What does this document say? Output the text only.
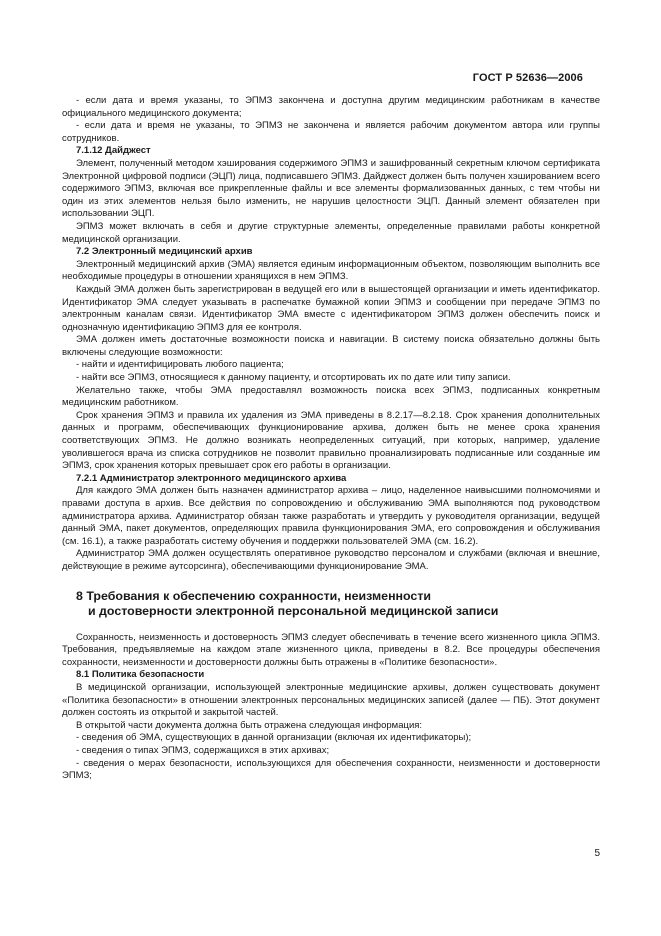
ГОСТ Р 52636—2006

- если дата и время указаны, то ЭПМЗ закончена и доступна другим медицинским работникам в качестве официального медицинского документа;

- если дата и время не указаны, то ЭПМЗ не закончена и является рабочим документом автора или группы сотрудников.

7.1.12 Дайджест

Элемент, полученный методом хэширования содержимого ЭПМЗ и зашифрованный секретным ключом сертификата Электронной цифровой подписи (ЭЦП) лица, подписавшего ЭПМЗ. Дайджест должен быть получен хэшированием всего содержимого ЭПМЗ, включая все прикрепленные файлы и все элементы формализованных данных, с тем чтобы ни один из этих элементов нельзя было изменить, не нарушив целостности ЭЦП. Данный элемент обязателен при использовании ЭЦП.

ЭПМЗ может включать в себя и другие структурные элементы, определенные правилами работы конкретной медицинской организации.

7.2 Электронный медицинский архив

Электронный медицинский архив (ЭМА) является единым информационным объектом, позволяющим выполнить все необходимые процедуры в отношении хранящихся в нем ЭПМЗ.

Каждый ЭМА должен быть зарегистрирован в ведущей его или в вышестоящей организации и иметь идентификатор. Идентификатор ЭМА следует указывать в распечатке бумажной копии ЭПМЗ и сообщении при передаче ЭПМЗ по электронным каналам связи. Идентификатор ЭМА вместе с идентификатором ЭПМЗ должен обеспечить поиск и однозначную идентификацию ЭПМЗ для ее контроля.

ЭМА должен иметь достаточные возможности поиска и навигации. В систему поиска обязательно должны быть включены следующие возможности:

- найти и идентифицировать любого пациента;

- найти все ЭПМЗ, относящиеся к данному пациенту, и отсортировать их по дате или типу записи.

Желательно также, чтобы ЭМА предоставлял возможность поиска всех ЭПМЗ, подписанных конкретным медицинским работником.

Срок хранения ЭПМЗ и правила их удаления из ЭМА приведены в 8.2.17—8.2.18. Срок хранения дополнительных данных и программ, обеспечивающих функционирование архива, должен быть не менее срока хранения соответствующих ЭПМЗ. Не должно возникать неопределенных ситуаций, при которых, например, удаление уволившегося врача из списка сотрудников не позволит правильно проанализировать подписанные или созданные им ЭПМЗ, срок хранения которых превышает срок его работы в организации.

7.2.1 Администратор электронного медицинского архива

Для каждого ЭМА должен быть назначен администратор архива – лицо, наделенное наивысшими полномочиями и правами доступа в архив. Все действия по сопровождению и обслуживанию ЭМА выполняются под руководством администратора архива. Администратор обязан также разработать и утвердить у руководителя организации, ведущей данный ЭМА, пакет документов, определяющих правила функционирования ЭМА, его сопровождения и обслуживания (см. 16.1), а также разработать систему обучения и поддержки пользователей ЭМА (см. 16.2).

Администратор ЭМА должен осуществлять оперативное руководство персоналом и службами (включая и внешние, действующие в режиме аутсорсинга), обеспечивающими функционирование ЭМА.

8 Требования к обеспечению сохранности, неизменности
и достоверности электронной персональной медицинской записи

Сохранность, неизменность и достоверность ЭПМЗ следует обеспечивать в течение всего жизненного цикла ЭПМЗ. Требования, предъявляемые на каждом этапе жизненного цикла, приведены в 8.2. Все процедуры обеспечения сохранности, неизменности и достоверности должны быть отражены в «Политике безопасности».

8.1 Политика безопасности

В медицинской организации, использующей электронные медицинские архивы, должен существовать документ «Политика безопасности» в отношении электронных персональных медицинских записей (далее — ПБ). Этот документ должен состоять из открытой и закрытой частей.

В открытой части документа должна быть отражена следующая информация:

- сведения об ЭМА, существующих в данной организации (включая их идентификаторы);

- сведения о типах ЭПМЗ, содержащихся в этих архивах;

- сведения о мерах безопасности, использующихся для обеспечения сохранности, неизменности и достоверности ЭПМЗ;

5
